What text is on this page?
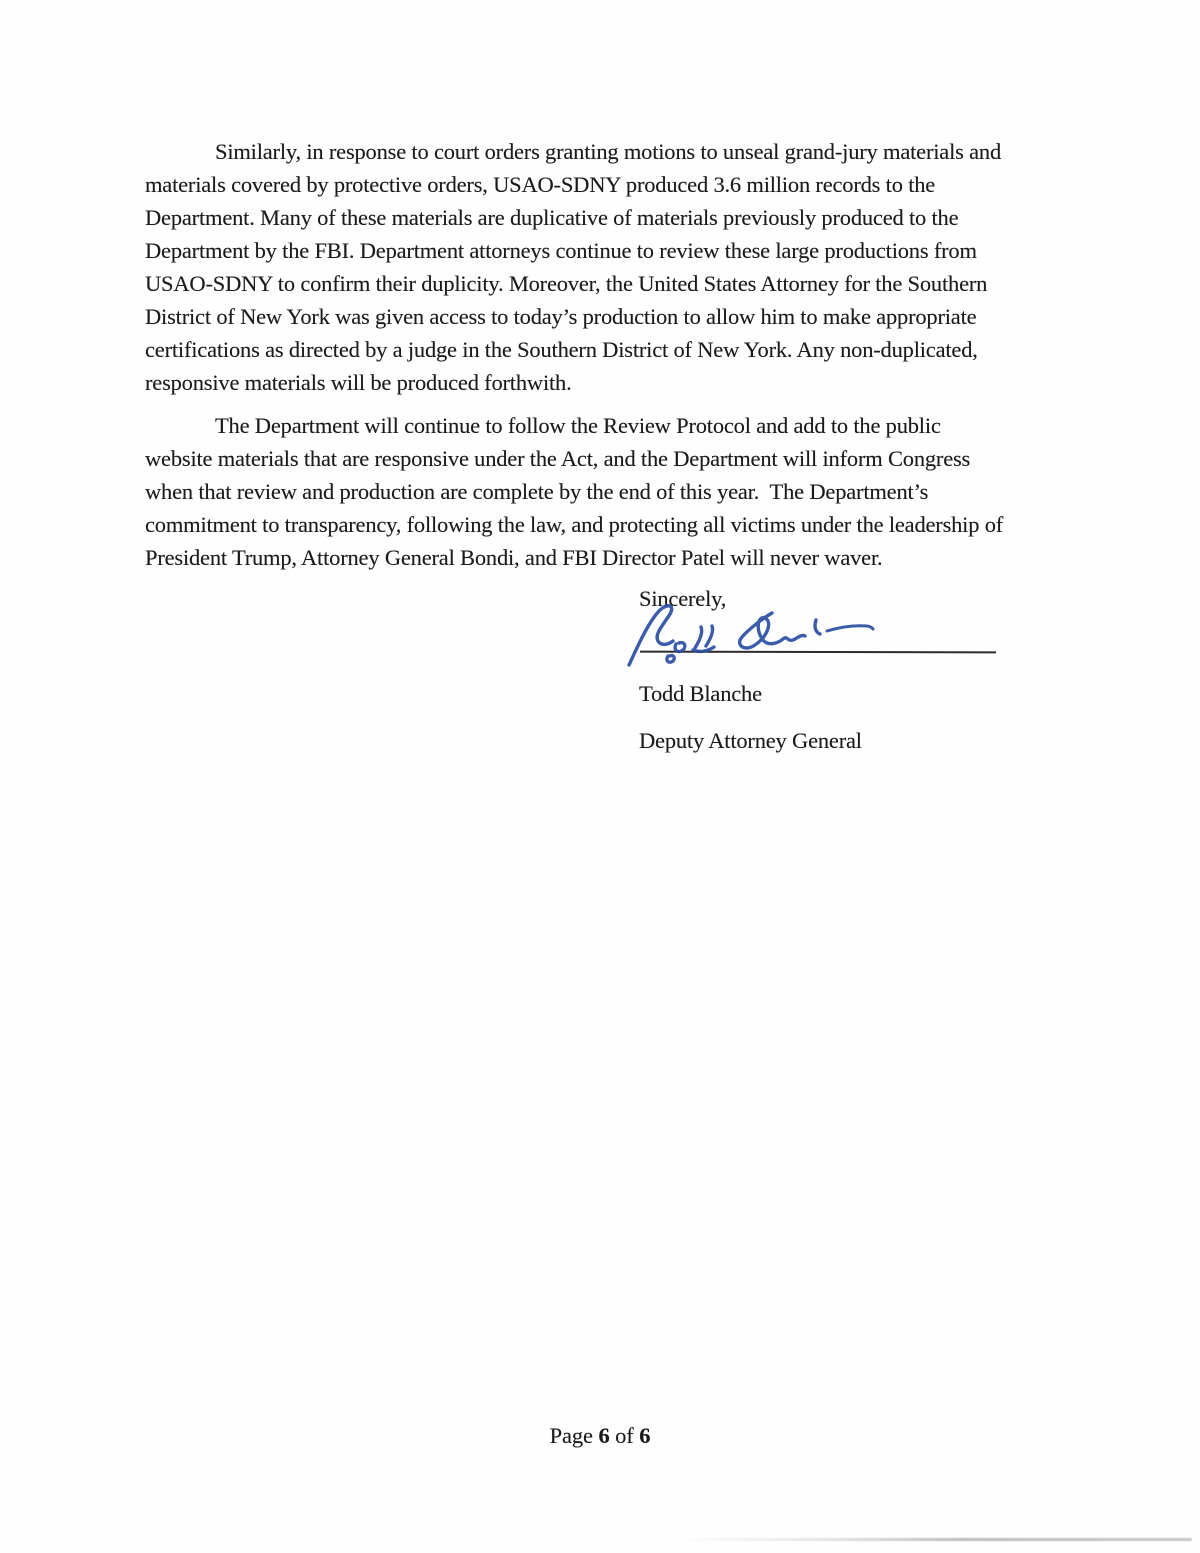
Similarly, in response to court orders granting motions to unseal grand-jury materials and
materials covered by protective orders, USAO-SDNY produced 3.6 million records to the
Department. Many of these materials are duplicative of materials previously produced to the
Department by the FBI. Department attorneys continue to review these large productions from
USAO-SDNY to confirm their duplicity. Moreover, the United States Attorney for the Southern
District of New York was given access to today’s production to allow him to make appropriate
certifications as directed by a judge in the Southern District of New York. Any non-duplicated,
responsive materials will be produced forthwith.
The Department will continue to follow the Review Protocol and add to the public
website materials that are responsive under the Act, and the Department will inform Congress
when that review and production are complete by the end of this year.  The Department’s
commitment to transparency, following the law, and protecting all victims under the leadership of
President Trump, Attorney General Bondi, and FBI Director Patel will never waver.
Sincerely,
Todd Blanche
Deputy Attorney General
Page 6 of 6
